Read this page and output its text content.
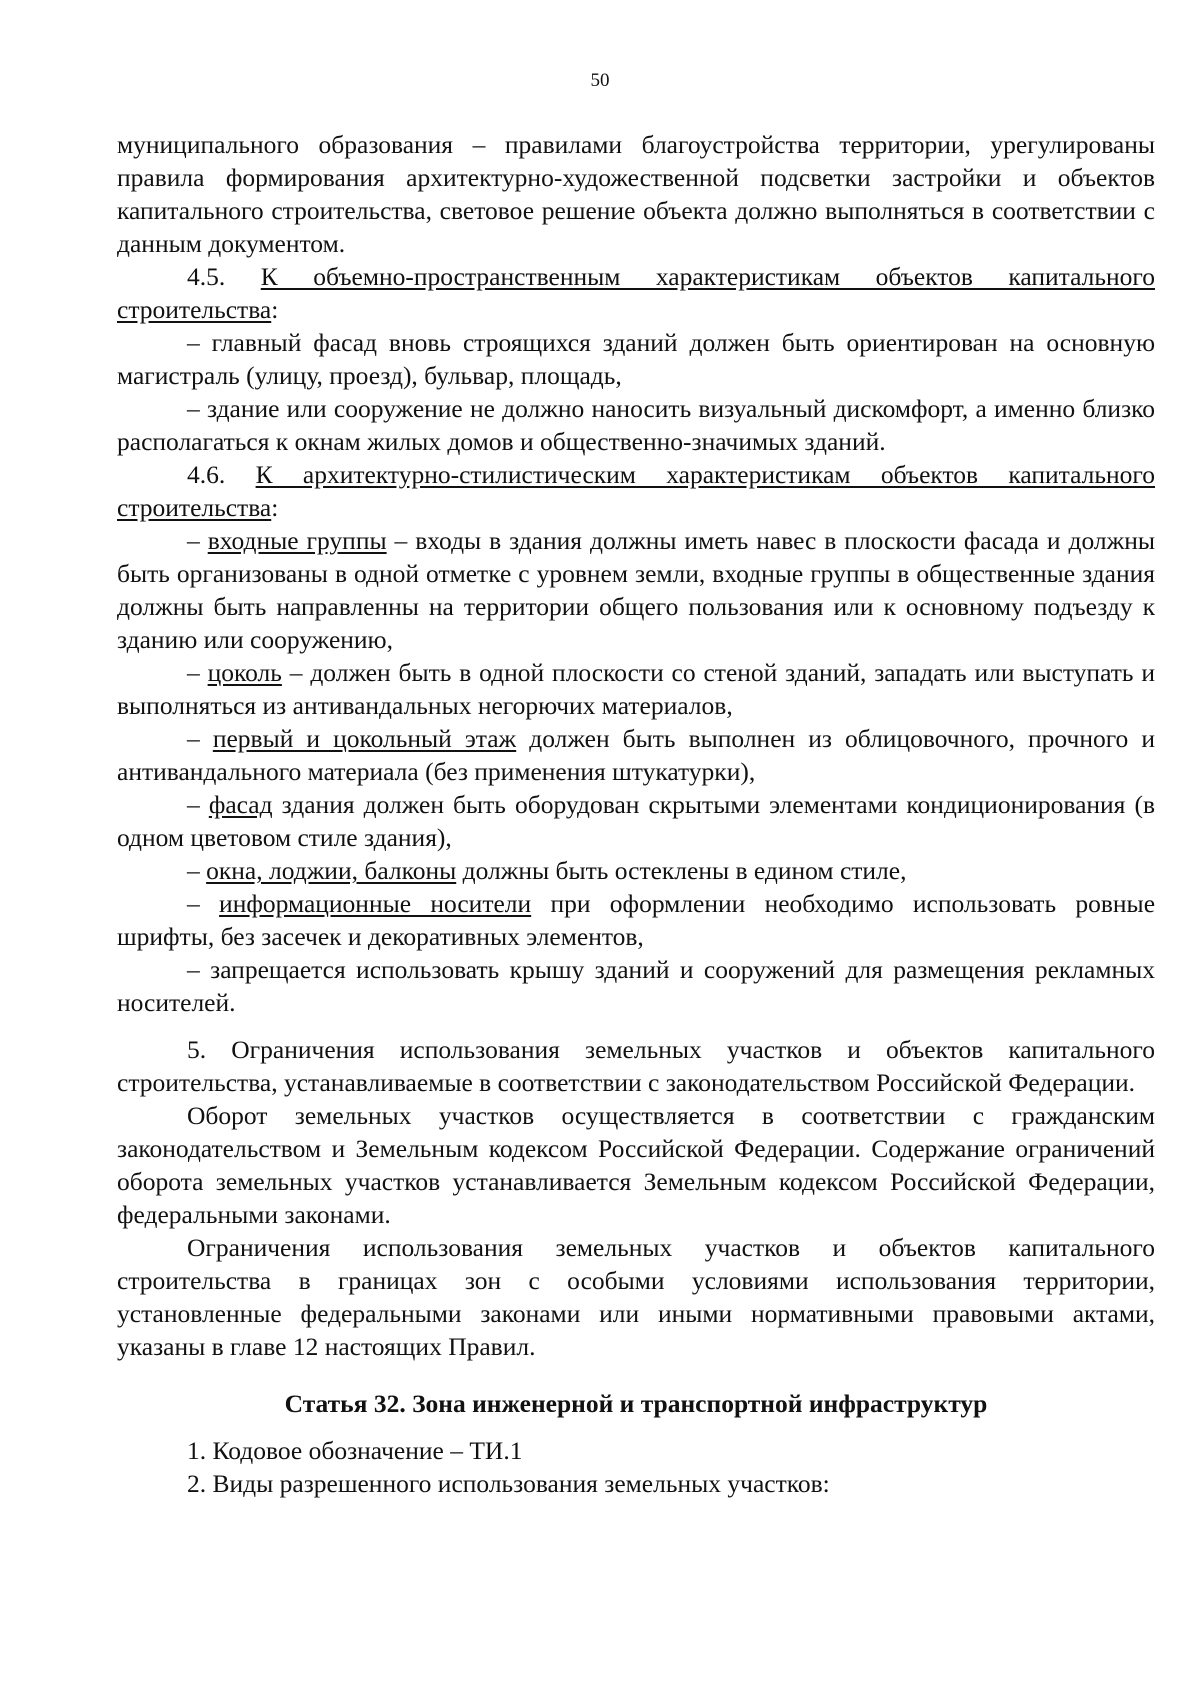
50

муниципального образования – правилами благоустройства территории, урегулированы правила формирования архитектурно-художественной подсветки застройки и объектов капитального строительства, световое решение объекта должно выполняться в соответствии с данным документом.

4.5. К объемно-пространственным характеристикам объектов капитального строительства:

– главный фасад вновь строящихся зданий должен быть ориентирован на основную магистраль (улицу, проезд), бульвар, площадь,

– здание или сооружение не должно наносить визуальный дискомфорт, а именно близко располагаться к окнам жилых домов и общественно-значимых зданий.

4.6. К архитектурно-стилистическим характеристикам объектов капитального строительства:

– входные группы – входы в здания должны иметь навес в плоскости фасада и должны быть организованы в одной отметке с уровнем земли, входные группы в общественные здания должны быть направленны на территории общего пользования или к основному подъезду к зданию или сооружению,

– цоколь – должен быть в одной плоскости со стеной зданий, западать или выступать и выполняться из антивандальных негорючих материалов,

– первый и цокольный этаж должен быть выполнен из облицовочного, прочного и антивандального материала (без применения штукатурки),

– фасад здания должен быть оборудован скрытыми элементами кондиционирования (в одном цветовом стиле здания),

– окна, лоджии, балконы должны быть остеклены в едином стиле,

– информационные носители при оформлении необходимо использовать ровные шрифты, без засечек и декоративных элементов,

– запрещается использовать крышу зданий и сооружений для размещения рекламных носителей.

5. Ограничения использования земельных участков и объектов капитального строительства, устанавливаемые в соответствии с законодательством Российской Федерации.

Оборот земельных участков осуществляется в соответствии с гражданским законодательством и Земельным кодексом Российской Федерации. Содержание ограничений оборота земельных участков устанавливается Земельным кодексом Российской Федерации, федеральными законами.

Ограничения использования земельных участков и объектов капитального строительства в границах зон с особыми условиями использования территории, установленные федеральными законами или иными нормативными правовыми актами, указаны в главе 12 настоящих Правил.

Статья 32. Зона инженерной и транспортной инфраструктур

1. Кодовое обозначение – ТИ.1

2. Виды разрешенного использования земельных участков:
